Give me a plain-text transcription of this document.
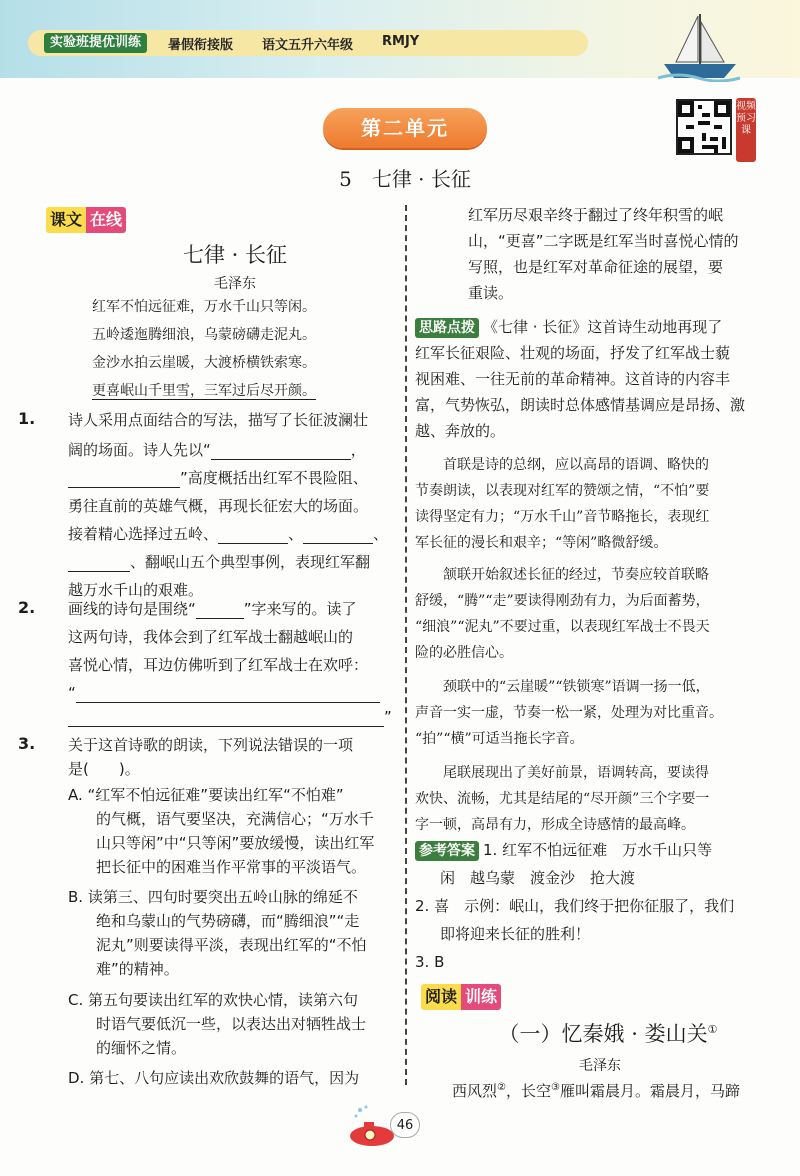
实验班提优训练	暑假衔接版 语文五升六年级 RMJY
第二单元
视频预习课
5　七律 · 长征
课文 在线
七律 · 长征
毛泽东
红军不怕远征难，万水千山只等闲。
五岭逶迤腾细浪，乌蒙磅礴走泥丸。
金沙水拍云崖暖，大渡桥横铁索寒。
更喜岷山千里雪，三军过后尽开颜。
1. 诗人采用点面结合的写法，描写了长征波澜壮
阔的场面。诗人先以“	，
”高度概括出红军不畏险阻、
勇往直前的英雄气概，再现长征宏大的场面。
接着精心选择过五岭、	、	、
、翻岷山五个典型事例，表现红军翻
越万水千山的艰难。
2. 画线的诗句是围绕“	”字来写的。读了
这两句诗，我体会到了红军战士翻越岷山的
喜悦心情，耳边仿佛听到了红军战士在欢呼：
“
”
3. 关于这首诗歌的朗读，下列说法错误的一项
是(　　)。
A. “红军不怕远征难”要读出红军“不怕难”
的气概，语气要坚决，充满信心；“万水千
山只等闲”中“只等闲”要放缓慢，读出红军
把长征中的困难当作平常事的平淡语气。
B. 读第三、四句时要突出五岭山脉的绵延不
绝和乌蒙山的气势磅礴，而“腾细浪”“走
泥丸”则要读得平淡，表现出红军的“不怕
难”的精神。
C. 第五句要读出红军的欢快心情，读第六句
时语气要低沉一些，以表达出对牺牲战士
的缅怀之情。
D. 第七、八句应读出欢欣鼓舞的语气，因为
红军历尽艰辛终于翻过了终年积雪的岷
山，“更喜”二字既是红军当时喜悦心情的
写照，也是红军对革命征途的展望，要
重读。
思路点拨 《七律 · 长征》这首诗生动地再现了
红军长征艰险、壮观的场面，抒发了红军战士藐
视困难、一往无前的革命精神。这首诗的内容丰
富，气势恢弘，朗读时总体感情基调应是昂扬、激
越、奔放的。
　　首联是诗的总纲，应以高昂的语调、略快的
节奏朗读，以表现对红军的赞颂之情，“不怕”要
读得坚定有力；“万水千山”音节略拖长，表现红
军长征的漫长和艰辛；“等闲”略微舒缓。
　　颔联开始叙述长征的经过，节奏应较首联略
舒缓，“腾”“走”要读得刚劲有力，为后面蓄势，
“细浪”“泥丸”不要过重，以表现红军战士不畏天
险的必胜信心。
　　颈联中的“云崖暖”“铁锁寒”语调一扬一低，
声音一实一虚，节奏一松一紧，处理为对比重音。
“拍”“横”可适当拖长字音。
　　尾联展现出了美好前景，语调转高，要读得
欢快、流畅，尤其是结尾的“尽开颜”三个字要一
字一顿，高昂有力，形成全诗感情的最高峰。
参考答案 1. 红军不怕远征难　万水千山只等
闲　越乌蒙　渡金沙　抢大渡
2. 喜　示例：岷山，我们终于把你征服了，我们
即将迎来长征的胜利！
3. B
阅读 训练
（一）忆秦娥 · 娄山关①
毛泽东
西风烈②，长空③雁叫霜晨月。霜晨月，马蹄
46
